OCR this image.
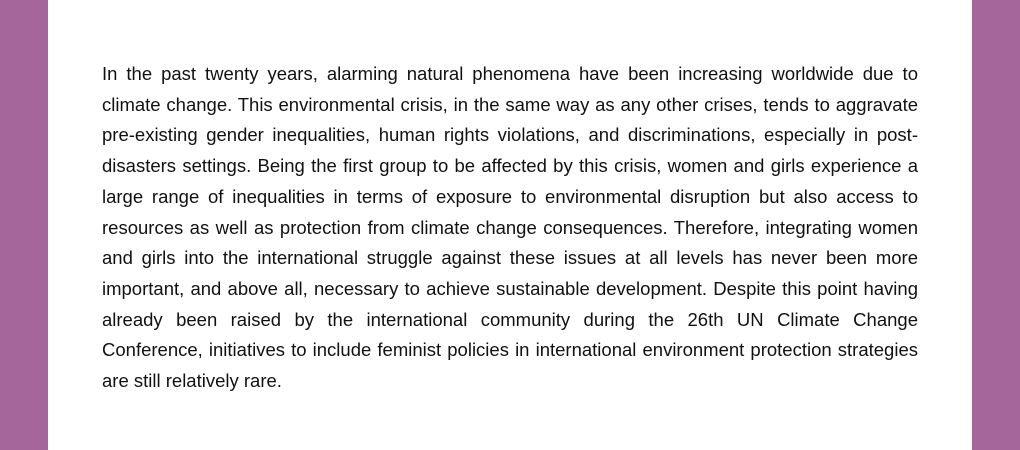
In the past twenty years, alarming natural phenomena have been increasing worldwide due to climate change. This environmental crisis, in the same way as any other crises, tends to aggravate pre-existing gender inequalities, human rights violations, and discriminations, especially in post-disasters settings. Being the first group to be affected by this crisis, women and girls experience a large range of inequalities in terms of exposure to environmental disruption but also access to resources as well as protection from climate change consequences. Therefore, integrating women and girls into the international struggle against these issues at all levels has never been more important, and above all, necessary to achieve sustainable development. Despite this point having already been raised by the international community during the 26th UN Climate Change Conference, initiatives to include feminist policies in international environment protection strategies are still relatively rare.
